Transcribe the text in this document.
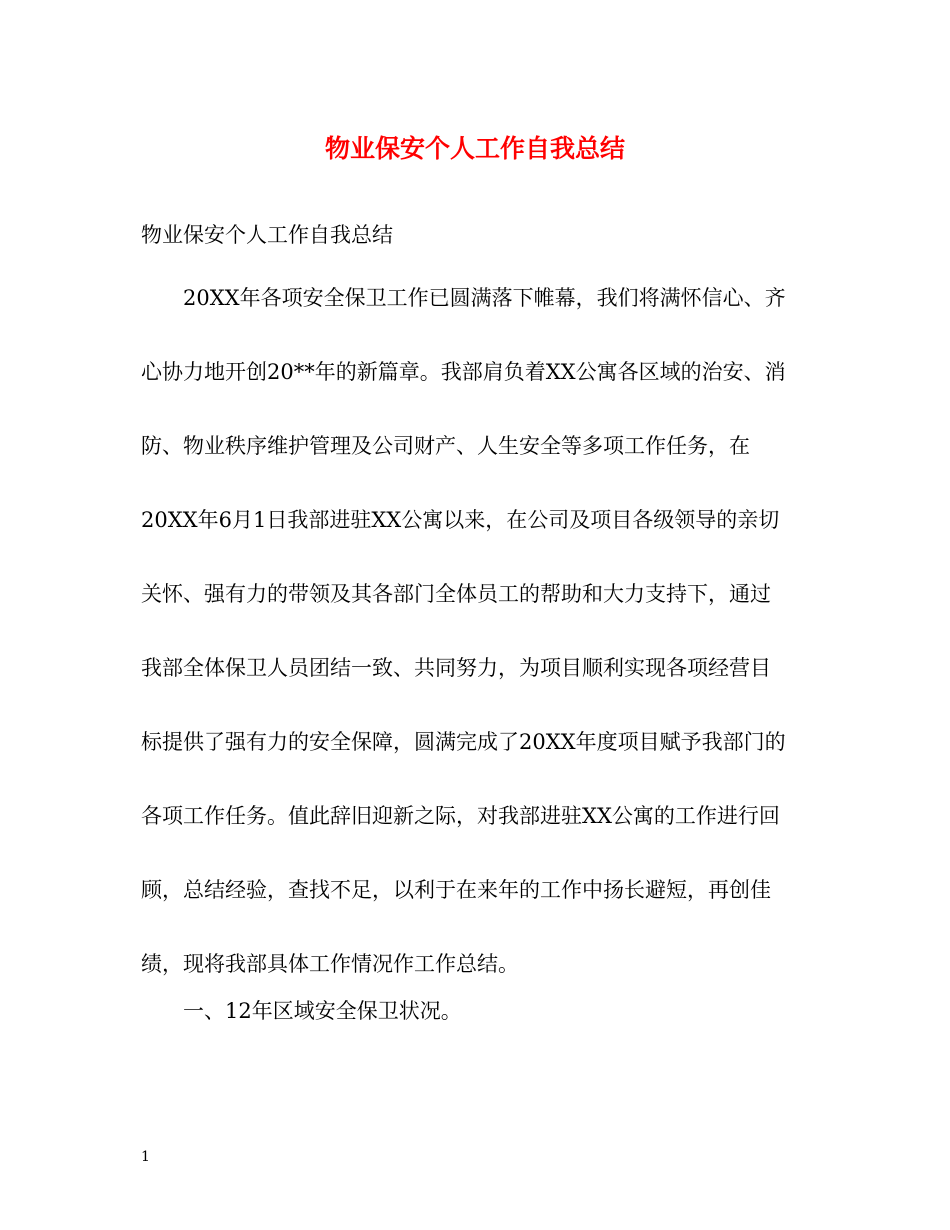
物业保安个人工作自我总结

物业保安个人工作自我总结

20XX年各项安全保卫工作已圆满落下帷幕，我们将满怀信心、齐
心协力地开创20**年的新篇章。我部肩负着XX公寓各区域的治安、消
防、物业秩序维护管理及公司财产、人生安全等多项工作任务，在
20XX年6月1日我部进驻XX公寓以来，在公司及项目各级领导的亲切
关怀、强有力的带领及其各部门全体员工的帮助和大力支持下，通过
我部全体保卫人员团结一致、共同努力，为项目顺利实现各项经营目
标提供了强有力的安全保障，圆满完成了20XX年度项目赋予我部门的
各项工作任务。值此辞旧迎新之际，对我部进驻XX公寓的工作进行回
顾，总结经验，查找不足，以利于在来年的工作中扬长避短，再创佳
绩，现将我部具体工作情况作工作总结。

一、12年区域安全保卫状况。

1
